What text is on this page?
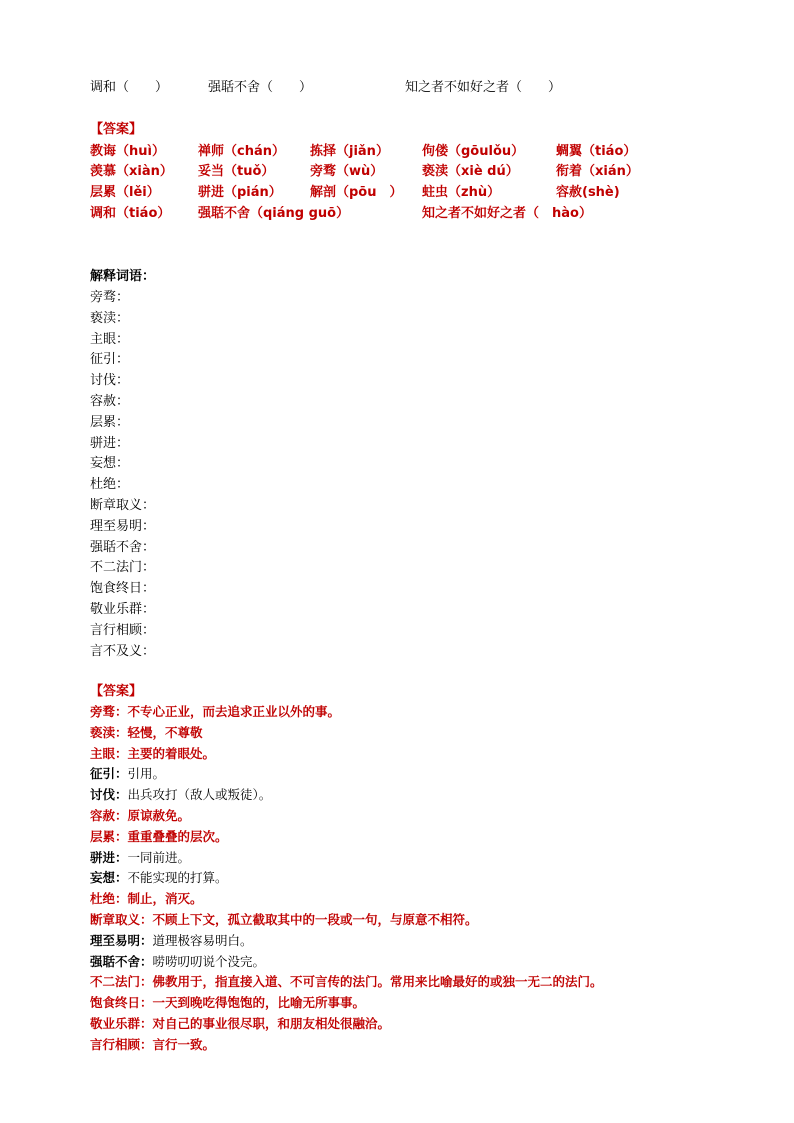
调和（　　）	强聒不舍（　　）	知之者不如好之者（　　）
【答案】
教诲（huì）	禅师（chán） 拣择（jiǎn）	佝偻（gōulǒu） 蜩翼（tiáo）
羡慕（xiàn） 妥当（tuǒ）	旁骛（wù）	亵渎（xiè dú）	衔着（xián）
层累（lěi）	骈进（pián） 解剖（pōu　） 蛀虫（zhù）	容赦(shè)
调和（tiáo） 强聒不舍（qiáng guō）	知之者不如好之者（　hào）
解释词语：
旁骛：
亵渎：
主眼：
征引：
讨伐：
容赦：
层累：
骈进：
妄想：
杜绝：
断章取义：
理至易明：
强聒不舍：
不二法门：
饱食终日：
敬业乐群：
言行相顾：
言不及义：
【答案】
旁骛：不专心正业，而去追求正业以外的事。
亵渎：轻慢，不尊敬
主眼：主要的着眼处。
征引：引用。
讨伐：出兵攻打（敌人或叛徒）。
容赦：原谅赦免。
层累：重重叠叠的层次。
骈进：一同前进。
妄想：不能实现的打算。
杜绝：制止，消灭。
断章取义：不顾上下文，孤立截取其中的一段或一句，与原意不相符。
理至易明：道理极容易明白。
强聒不舍：唠唠叨叨说个没完。
不二法门：佛教用于，指直接入道、不可言传的法门。常用来比喻最好的或独一无二的法门。
饱食终日：一天到晚吃得饱饱的，比喻无所事事。
敬业乐群：对自己的事业很尽职，和朋友相处很融洽。
言行相顾：言行一致。
